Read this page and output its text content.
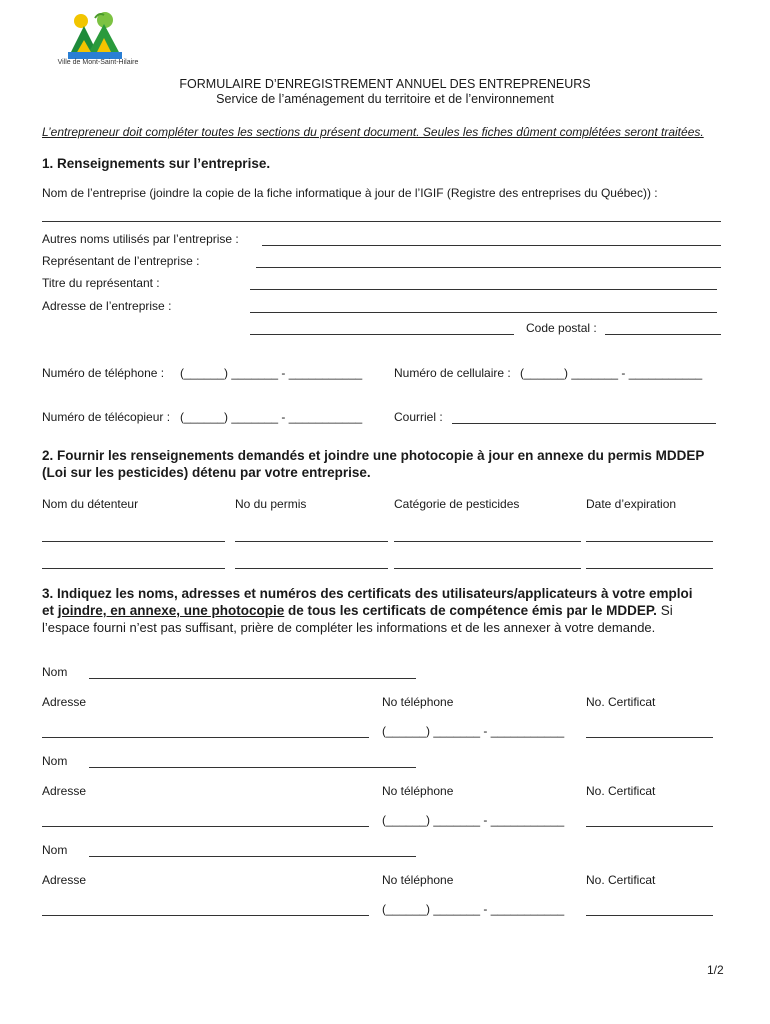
Ville de Mont-Saint-Hilaire
FORMULAIRE D’ENREGISTREMENT ANNUEL DES ENTREPRENEURS
Service de l’aménagement du territoire et de l’environnement
L’entrepreneur doit compléter toutes les sections du présent document. Seules les fiches dûment complétées seront traitées.
1. Renseignements sur l’entreprise.
Nom de l’entreprise (joindre la copie de la fiche informatique à jour de l’IGIF (Registre des entreprises du Québec)) :
Autres noms utilisés par l’entreprise :
Représentant de l’entreprise :
Titre du représentant :
Adresse de l’entreprise :
Code postal :
Numéro de téléphone : (______) _______ - ___________	Numéro de cellulaire : (______) _______ - ___________
Numéro de télécopieur : (______) _______ - ___________	Courriel :
2. Fournir les renseignements demandés et joindre une photocopie à jour en annexe du permis MDDEP
(Loi sur les pesticides) détenu par votre entreprise.
Nom du détenteur	No du permis	Catégorie de pesticides	Date d’expiration
3. Indiquez les noms, adresses et numéros des certificats des utilisateurs/applicateurs à votre emploi
et joindre, en annexe, une photocopie de tous les certificats de compétence émis par le MDDEP. Si
l’espace fourni n’est pas suffisant, prière de compléter les informations et de les annexer à votre demande.
Nom
Adresse	No téléphone	No. Certificat
(______) _______ - ___________
Nom
Adresse	No téléphone	No. Certificat
(______) _______ - ___________
Nom
Adresse	No téléphone	No. Certificat
(______) _______ - ___________
1/2
